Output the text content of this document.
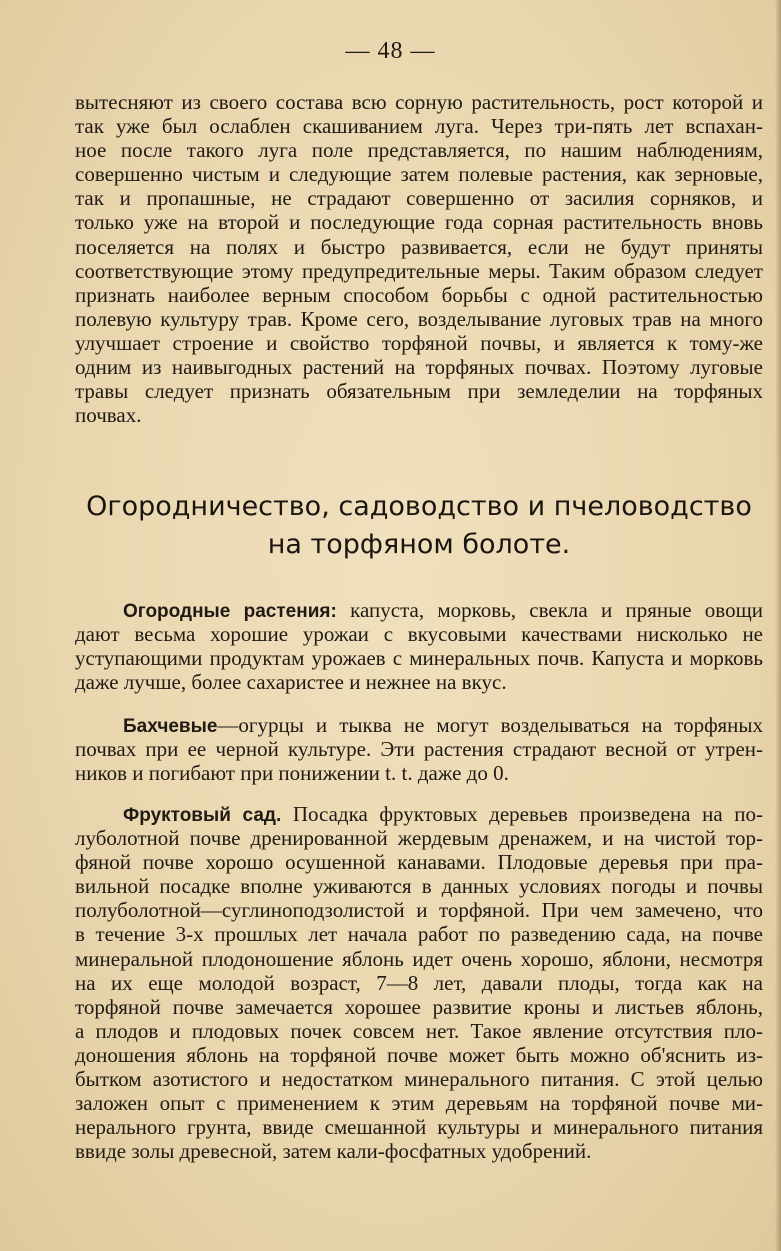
— 48 —
вытесняют из своего состава всю сорную растительность, рост которой и
так уже был ослаблен скашиванием луга. Через три-пять лет вспахан-
ное после такого луга поле представляется, по нашим наблюдениям,
совершенно чистым и следующие затем полевые растения, как зерновые,
так и пропашные, не страдают совершенно от засилия сорняков, и
только уже на второй и последующие года сорная растительность вновь
поселяется на полях и быстро развивается, если не будут приняты
соответствующие этому предупредительные меры. Таким образом следует
признать наиболее верным способом борьбы с одной растительностью
полевую культуру трав. Кроме сего, возделывание луговых трав на много
улучшает строение и свойство торфяной почвы, и является к тому-же
одним из наивыгодных растений на торфяных почвах. Поэтому луговые
травы следует признать обязательным при земледелии на торфяных
почвах.
Огородничество, садоводство и пчеловодство
на торфяном болоте.
Огородные растения: капуста, морковь, свекла и пряные овощи
дают весьма хорошие урожаи с вкусовыми качествами нисколько не
уступающими продуктам урожаев с минеральных почв. Капуста и морковь
даже лучше, более сахаристее и нежнее на вкус.
Бахчевые—огурцы и тыква не могут возделываться на торфяных
почвах при ее черной культуре. Эти растения страдают весной от утрен-
ников и погибают при понижении t. t. даже до 0.
Фруктовый сад. Посадка фруктовых деревьев произведена на по-
луболотной почве дренированной жердевым дренажем, и на чистой тор-
фяной почве хорошо осушенной канавами. Плодовые деревья при пра-
вильной посадке вполне уживаются в данных условиях погоды и почвы
полуболотной—суглиноподзолистой и торфяной. При чем замечено, что
в течение 3-х прошлых лет начала работ по разведению сада, на почве
минеральной плодоношение яблонь идет очень хорошо, яблони, несмотря
на их еще молодой возраст, 7—8 лет, давали плоды, тогда как на
торфяной почве замечается хорошее развитие кроны и листьев яблонь,
а плодов и плодовых почек совсем нет. Такое явление отсутствия пло-
доношения яблонь на торфяной почве может быть можно об'яснить из-
бытком азотистого и недостатком минерального питания. С этой целью
заложен опыт с применением к этим деревьям на торфяной почве ми-
нерального грунта, ввиде смешанной культуры и минерального питания
ввиде золы древесной, затем кали-фосфатных удобрений.
